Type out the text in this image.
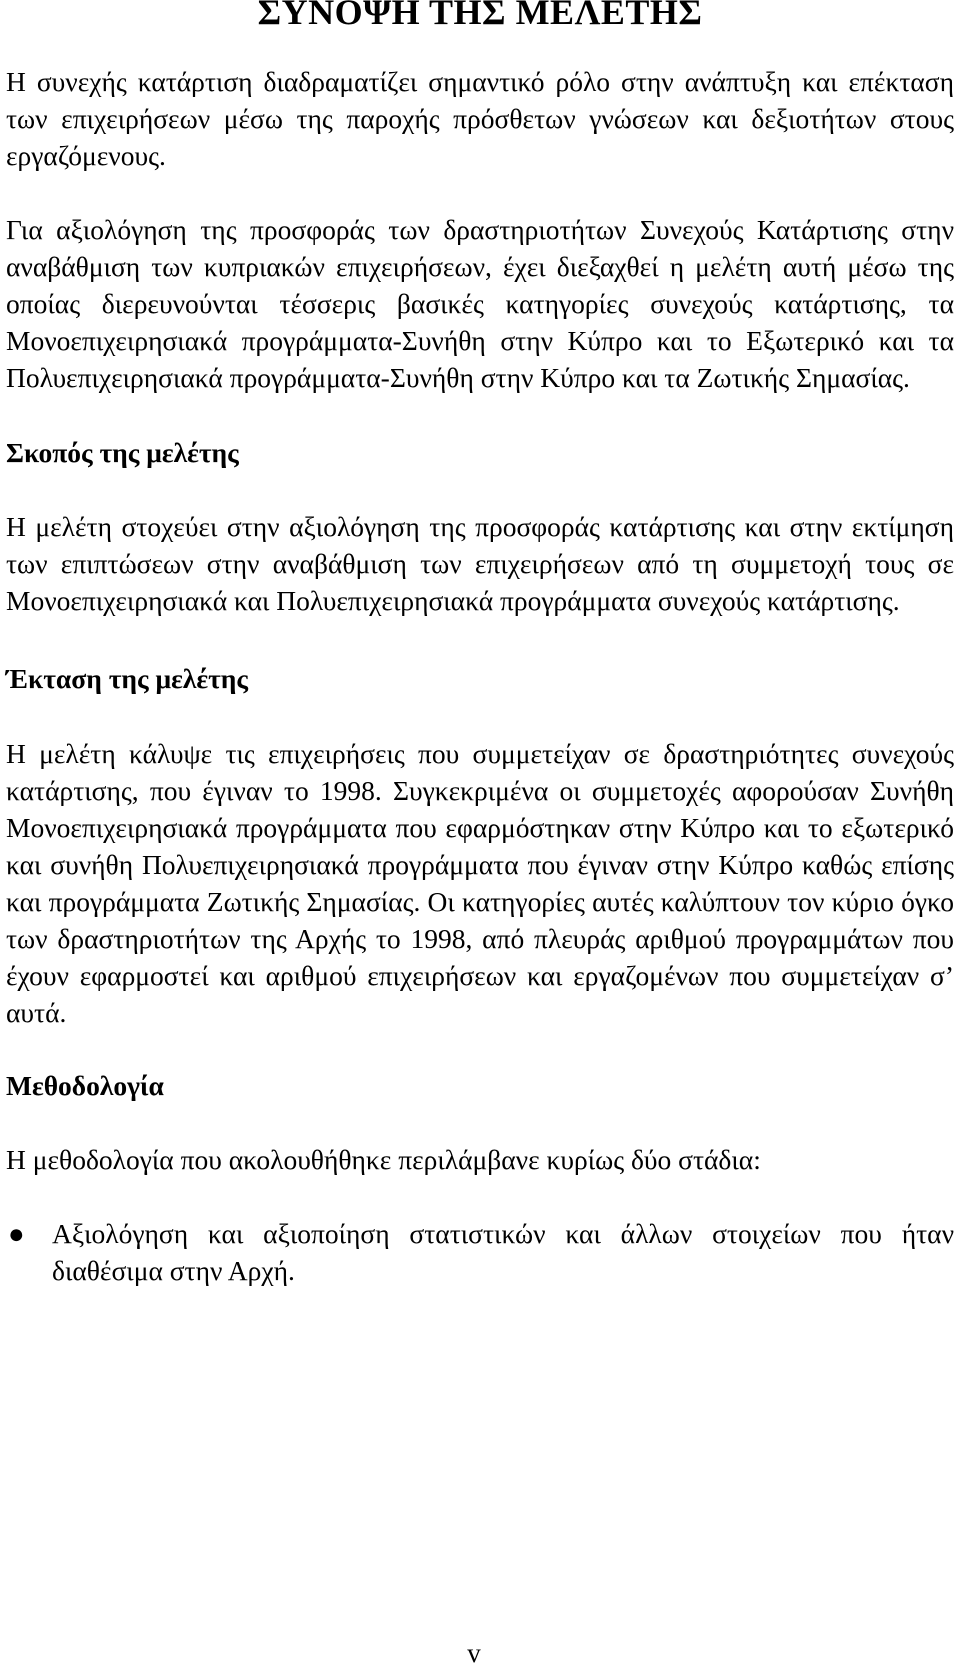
ΣΥΝΟΨΗ ΤΗΣ ΜΕΛΕΤΗΣ

Η συνεχής κατάρτιση διαδραματίζει σημαντικό ρόλο στην ανάπτυξη και επέκταση των επιχειρήσεων μέσω της παροχής πρόσθετων γνώσεων και δεξιοτήτων στους εργαζόμενους.

Για αξιολόγηση της προσφοράς των δραστηριοτήτων Συνεχούς Κατάρτισης στην αναβάθμιση των κυπριακών επιχειρήσεων, έχει διεξαχθεί η μελέτη αυτή μέσω της οποίας διερευνούνται τέσσερις βασικές κατηγορίες συνεχούς κατάρτισης, τα Μονοεπιχειρησιακά προγράμματα-Συνήθη στην Κύπρο και το Εξωτερικό και τα Πολυεπιχειρησιακά προγράμματα-Συνήθη στην Κύπρο και τα Ζωτικής Σημασίας.

Σκοπός της μελέτης

Η μελέτη στοχεύει στην αξιολόγηση της προσφοράς κατάρτισης και στην εκτίμηση των επιπτώσεων στην αναβάθμιση των επιχειρήσεων από τη συμμετοχή τους σε Μονοεπιχειρησιακά και Πολυεπιχειρησιακά προγράμματα συνεχούς κατάρτισης.

Έκταση της μελέτης

Η μελέτη κάλυψε τις επιχειρήσεις που συμμετείχαν σε δραστηριότητες συνεχούς κατάρτισης, που έγιναν το 1998. Συγκεκριμένα οι συμμετοχές αφορούσαν Συνήθη Μονοεπιχειρησιακά προγράμματα που εφαρμόστηκαν στην Κύπρο και το εξωτερικό και συνήθη Πολυεπιχειρησιακά προγράμματα που έγιναν στην Κύπρο καθώς επίσης και προγράμματα Ζωτικής Σημασίας. Οι κατηγορίες αυτές καλύπτουν τον κύριο όγκο των δραστηριοτήτων της Αρχής το 1998, από πλευράς αριθμού προγραμμάτων που έχουν εφαρμοστεί και αριθμού επιχειρήσεων και εργαζομένων που συμμετείχαν σ’ αυτά.

Μεθοδολογία

Η μεθοδολογία που ακολουθήθηκε περιλάμβανε κυρίως δύο στάδια:

● Αξιολόγηση και αξιοποίηση στατιστικών και άλλων στοιχείων που ήταν διαθέσιμα στην Αρχή.

v
